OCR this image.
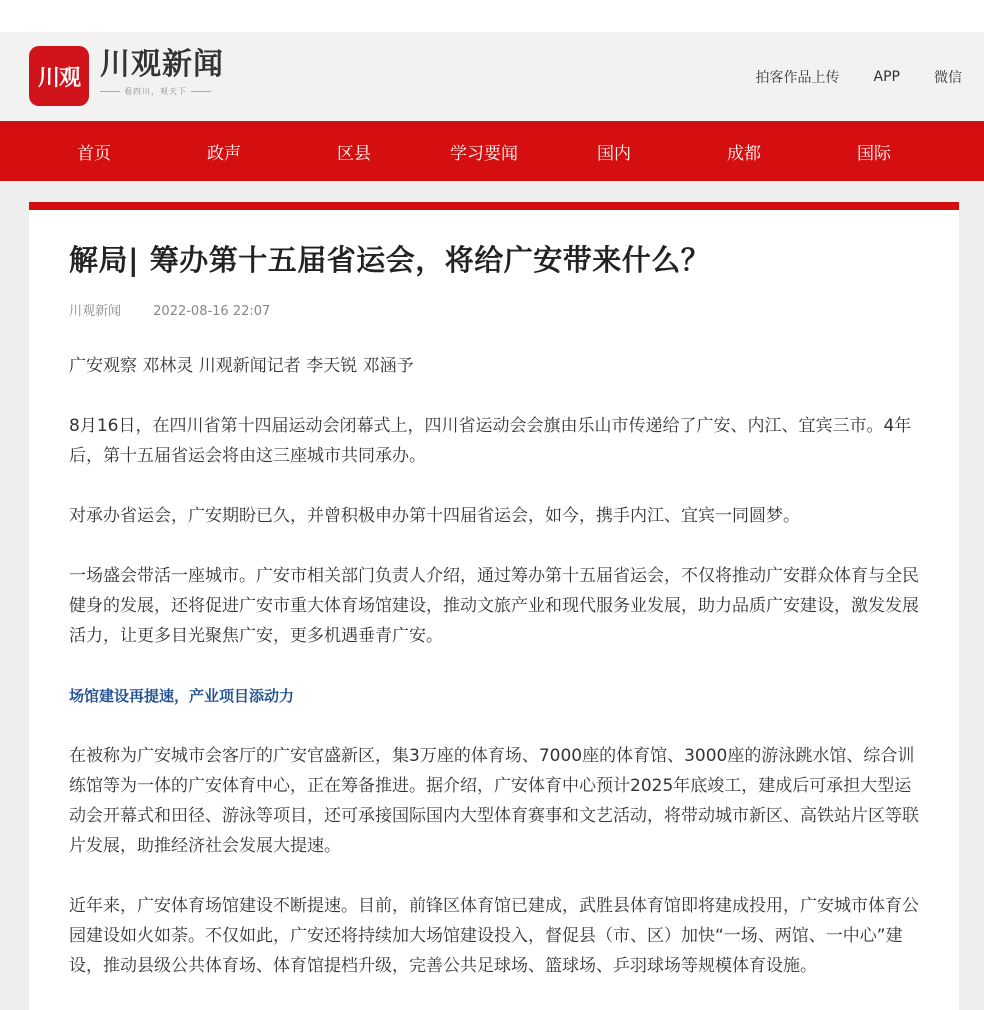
川观 川观新闻
看四川，观天下
拍客作品上传 APP 微信
首页	政声	区县	学习要闻	国内	成都	国际
解局| 筹办第十五届省运会，将给广安带来什么？
川观新闻 2022-08-16 22:07

广安观察 邓林灵 川观新闻记者 李天锐 邓涵予

8月16日，在四川省第十四届运动会闭幕式上，四川省运动会会旗由乐山市传递给了广安、内江、宜宾三市。4年后，第十五届省运会将由这三座城市共同承办。

对承办省运会，广安期盼已久，并曾积极申办第十四届省运会，如今，携手内江、宜宾一同圆梦。

一场盛会带活一座城市。广安市相关部门负责人介绍，通过筹办第十五届省运会，不仅将推动广安群众体育与全民健身的发展，还将促进广安市重大体育场馆建设，推动文旅产业和现代服务业发展，助力品质广安建设，激发发展活力，让更多目光聚焦广安，更多机遇垂青广安。

场馆建设再提速，产业项目添动力

在被称为广安城市会客厅的广安官盛新区，集3万座的体育场、7000座的体育馆、3000座的游泳跳水馆、综合训练馆等为一体的广安体育中心，正在筹备推进。据介绍，广安体育中心预计2025年底竣工，建成后可承担大型运动会开幕式和田径、游泳等项目，还可承接国际国内大型体育赛事和文艺活动，将带动城市新区、高铁站片区等联片发展，助推经济社会发展大提速。

近年来，广安体育场馆建设不断提速。目前，前锋区体育馆已建成，武胜县体育馆即将建成投用，广安城市体育公园建设如火如荼。不仅如此，广安还将持续加大场馆建设投入，督促县（市、区）加快“一场、两馆、一中心”建设，推动县级公共体育场、体育馆提档升级，完善公共足球场、篮球场、乒羽球场等规模体育设施。
